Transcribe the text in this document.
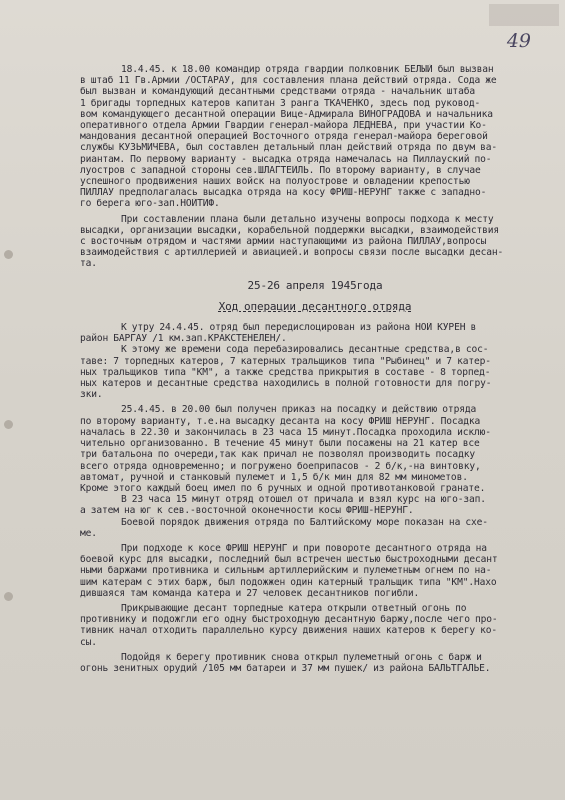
49
18.4.45. к 18.00 командир отряда гвардии полковник БЕЛЫЙ был вызван
в штаб 11 Гв.Армии /ОСТАРАУ, для составления плана действий отряда. Сода же
был вызван и командующий десантными средствами отряда - начальник штаба
1 бригады торпедных катеров капитан 3 ранга ТКАЧЕНКО, здесь под руковод-
вом командующего десантной операции Вице-Адмирала ВИНОГРАДОВА и начальника
оперативного отдела Армии Гвардии генерал-майора ЛЕДНЕВА, при участии Ко-
мандования десантной операцией Восточного отряда генерал-майора береговой
службы КУЗЬМИЧЕВА, был составлен детальный план действий отряда по двум ва-
риантам. По первому варианту - высадка отряда намечалась на Пиллауский по-
луостров с западной стороны сев.ШЛАГТЕЙЛЬ. По второму варианту, в случае
успешного продвижения наших войск на полуострове и овладении крепостью
ПИЛЛАУ предполагалась высадка отряда на косу ФРИШ-НЕРУНГ также с западно-
го берега юго-зап.НОЙТИФ.
При составлении плана были детально изучены вопросы подхода к месту
высадки, организации высадки, корабельной поддержки высадки, взаимодействия
с восточным отрядом и частями армии наступающими из района ПИЛЛАУ,вопросы
взаимодействия с артиллерией и авиацией.и вопросы связи после высадки десан-
та.
25-26 апреля 1945года
Ход операции десантного отряда
К утру 24.4.45. отряд был передислоцирован из района НОЙ КУРЕН в
район БАРГАУ /1 км.зап.КРАКСТЕНЕЛЕН/.
К этому же времени сода перебазировались десантные средства,в сос-
таве: 7 торпедных катеров, 7 катерных тральщиков типа "Рыбинец" и 7 катер-
ных тральщиков типа "КМ", а также средства прикрытия в составе - 8 торпед-
ных катеров и десантные средства находились в полной готовности для погру-
зки.
25.4.45. в 20.00 был получен приказ на посадку и действию отряда
по второму варианту, т.е.на высадку десанта на косу ФРИШ НЕРУНГ. Посадка
началась в 22.30 и закончилась в 23 часа 15 минут.Посадка проходила исклю-
чительно организованно. В течение 45 минут были посажены на 21 катер все
три батальона по очереди,так как причал не позволял производить посадку
всего отряда одновременно; и погружено боеприпасов - 2 б/к,-на винтовку,
автомат, ручной и станковый пулемет и 1,5 б/к мин для 82 мм минометов.
Кроме этого каждый боец имел по 6 ручных и одной противотанковой гранате.
В 23 часа 15 минут отряд отошел от причала и взял курс на юго-зап.
а затем на юг к сев.-восточной оконечности косы ФРИШ-НЕРУНГ.
Боевой порядок движения отряда по Балтийскому море показан на схе-
ме.
При подходе к косе ФРИШ НЕРУНГ и при повороте десантного отряда на
боевой курс для высадки, последний был встречен шестью быстроходными десант
ными баржами противника и сильным артиллерийским и пулеметным огнем по на-
шим катерам с этих барж, был подожжен один катерный тральщик типа "КМ".Нахо
дившаяся там команда катера и 27 человек десантников погибли.
Прикрывающие десант торпедные катера открыли ответный огонь по
противнику и подожгли его одну быстроходную десантную баржу,после чего про-
тивник начал отходить параллельно курсу движения наших катеров к берегу ко-
сы.
Подойдя к берегу противник снова открыл пулеметный огонь с барж и
огонь зенитных орудий /105 мм батареи и 37 мм пушек/ из района БАЛЬТГАЛЬЕ.
